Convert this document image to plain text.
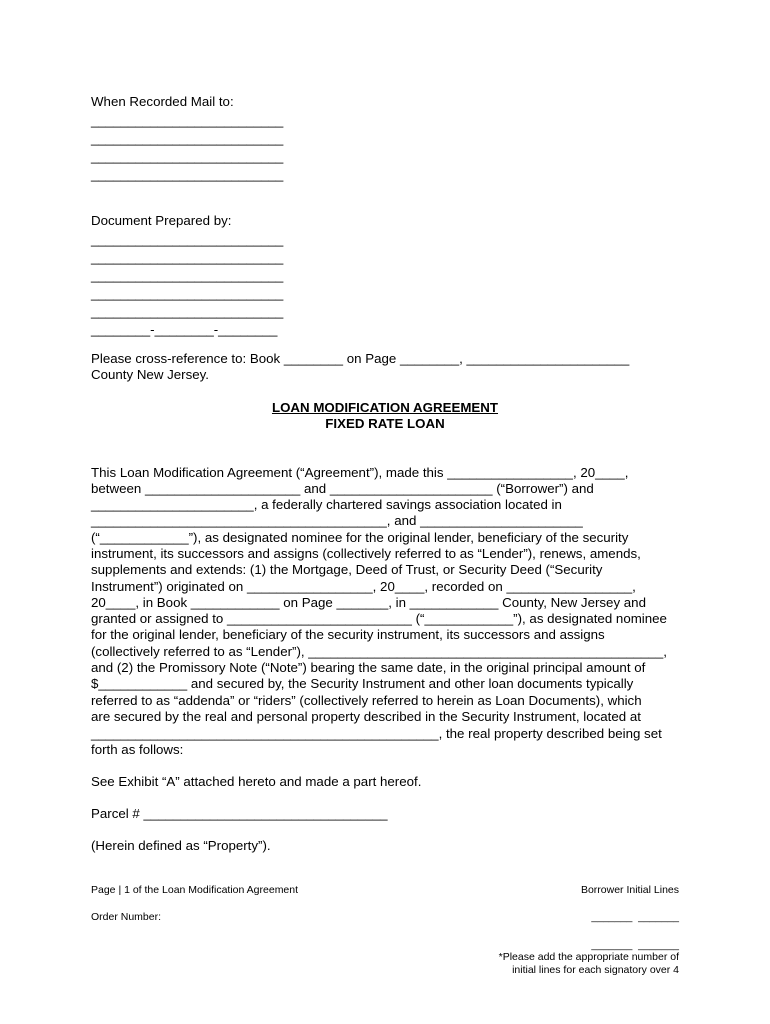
When Recorded Mail to:
__________________________
__________________________
__________________________
__________________________
Document Prepared by:
__________________________
__________________________
__________________________
__________________________
__________________________
________-________-________
Please cross-reference to: Book ________ on Page ________, ______________________
County New Jersey.
LOAN MODIFICATION AGREEMENT
FIXED RATE LOAN
This Loan Modification Agreement (“Agreement”), made this _________________, 20____,
between _____________________ and ______________________ (“Borrower”) and
______________________, a federally chartered savings association located in
________________________________________, and ______________________
(“____________”), as designated nominee for the original lender, beneficiary of the security
instrument, its successors and assigns (collectively referred to as “Lender”), renews, amends,
supplements and extends: (1) the Mortgage, Deed of Trust, or Security Deed (“Security
Instrument”) originated on _________________, 20____, recorded on _________________,
20____, in Book ____________ on Page _______, in ____________ County, New Jersey and
granted or assigned to _________________________ (“____________”), as designated nominee
for the original lender, beneficiary of the security instrument, its successors and assigns
(collectively referred to as “Lender”), ________________________________________________,
and (2) the Promissory Note (“Note”) bearing the same date, in the original principal amount of
$____________ and secured by, the Security Instrument and other loan documents typically
referred to as “addenda” or “riders” (collectively referred to herein as Loan Documents), which
are secured by the real and personal property described in the Security Instrument, located at
_______________________________________________, the real property described being set
forth as follows:
See Exhibit “A” attached hereto and made a part hereof.
Parcel # _________________________________
(Herein defined as “Property”).
Page | 1 of the Loan Modification Agreement
Order Number:
Borrower Initial Lines
_______  _______
_______  _______
*Please add the appropriate number of
initial lines for each signatory over 4
